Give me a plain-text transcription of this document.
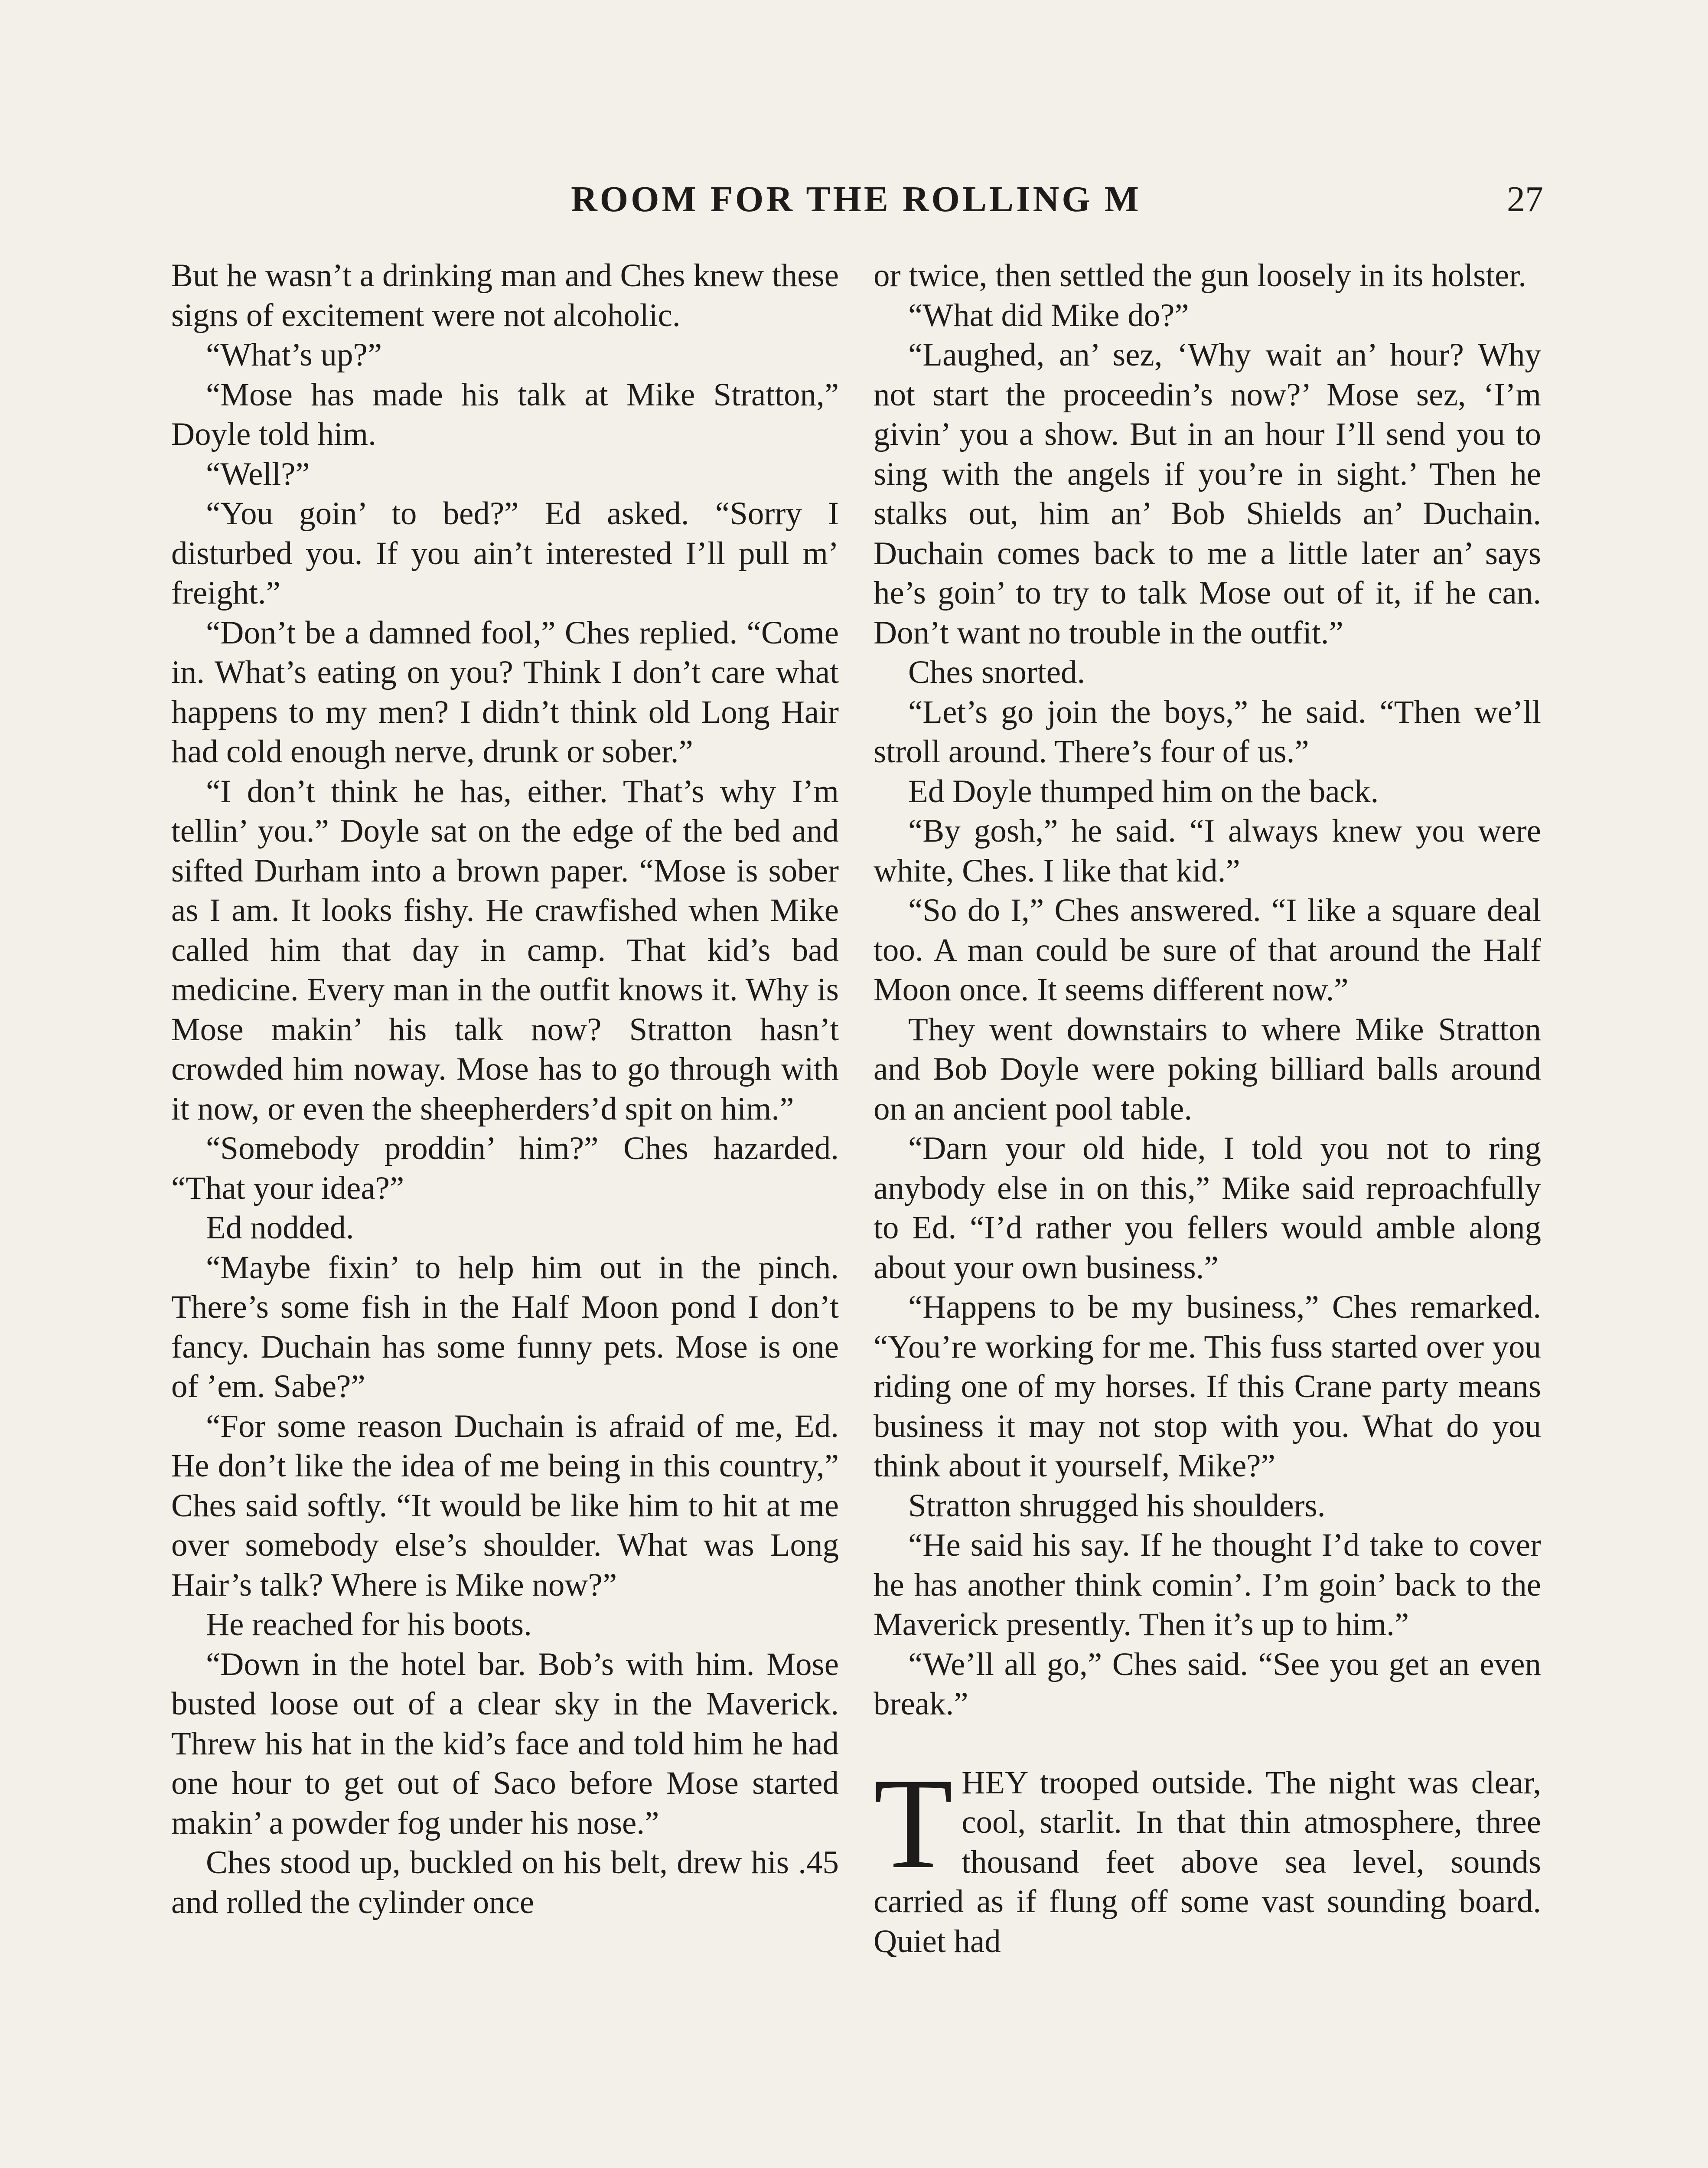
ROOM FOR THE ROLLING M	27

But he wasn’t a drinking man and Ches knew these signs of excitement were not alcoholic.

“What’s up?”

“Mose has made his talk at Mike Stratton,” Doyle told him.

“Well?”

“You goin’ to bed?” Ed asked. “Sorry I disturbed you. If you ain’t interested I’ll pull m’ freight.”

“Don’t be a damned fool,” Ches replied. “Come in. What’s eating on you? Think I don’t care what happens to my men? I didn’t think old Long Hair had cold enough nerve, drunk or sober.”

“I don’t think he has, either. That’s why I’m tellin’ you.” Doyle sat on the edge of the bed and sifted Durham into a brown paper. “Mose is sober as I am. It looks fishy. He crawfished when Mike called him that day in camp. That kid’s bad medicine. Every man in the outfit knows it. Why is Mose makin’ his talk now? Stratton hasn’t crowded him noway. Mose has to go through with it now, or even the sheepherders’d spit on him.”

“Somebody proddin’ him?” Ches hazarded. “That your idea?”

Ed nodded.

“Maybe fixin’ to help him out in the pinch. There’s some fish in the Half Moon pond I don’t fancy. Duchain has some funny pets. Mose is one of ’em. Sabe?”

“For some reason Duchain is afraid of me, Ed. He don’t like the idea of me being in this country,” Ches said softly. “It would be like him to hit at me over somebody else’s shoulder. What was Long Hair’s talk? Where is Mike now?”

He reached for his boots.

“Down in the hotel bar. Bob’s with him. Mose busted loose out of a clear sky in the Maverick. Threw his hat in the kid’s face and told him he had one hour to get out of Saco before Mose started makin’ a powder fog under his nose.”

Ches stood up, buckled on his belt, drew his .45 and rolled the cylinder once

or twice, then settled the gun loosely in its holster.

“What did Mike do?”

“Laughed, an’ sez, ‘Why wait an’ hour? Why not start the proceedin’s now?’ Mose sez, ‘I’m givin’ you a show. But in an hour I’ll send you to sing with the angels if you’re in sight.’ Then he stalks out, him an’ Bob Shields an’ Duchain. Duchain comes back to me a little later an’ says he’s goin’ to try to talk Mose out of it, if he can. Don’t want no trouble in the outfit.”

Ches snorted.

“Let’s go join the boys,” he said. “Then we’ll stroll around. There’s four of us.”

Ed Doyle thumped him on the back.

“By gosh,” he said. “I always knew you were white, Ches. I like that kid.”

“So do I,” Ches answered. “I like a square deal too. A man could be sure of that around the Half Moon once. It seems different now.”

They went downstairs to where Mike Stratton and Bob Doyle were poking billiard balls around on an ancient pool table.

“Darn your old hide, I told you not to ring anybody else in on this,” Mike said reproachfully to Ed. “I’d rather you fellers would amble along about your own business.”

“Happens to be my business,” Ches remarked. “You’re working for me. This fuss started over you riding one of my horses. If this Crane party means business it may not stop with you. What do you think about it yourself, Mike?”

Stratton shrugged his shoulders.

“He said his say. If he thought I’d take to cover he has another think comin’. I’m goin’ back to the Maverick presently. Then it’s up to him.”

“We’ll all go,” Ches said. “See you get an even break.”

THEY trooped outside. The night was clear, cool, starlit. In that thin atmosphere, three thousand feet above sea level, sounds carried as if flung off some vast sounding board. Quiet had
